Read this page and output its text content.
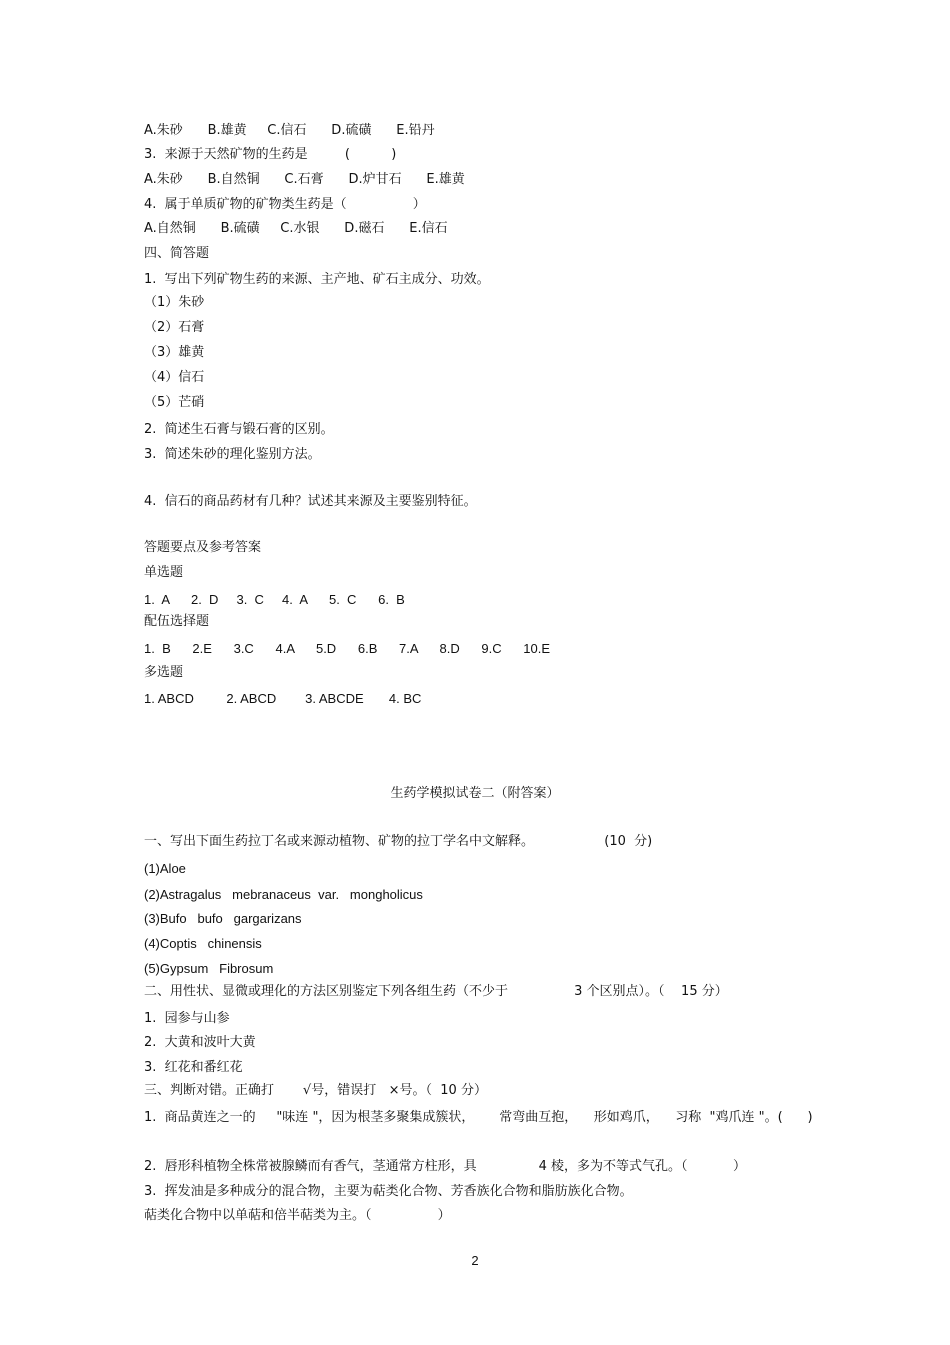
A.朱砂      B.雄黄     C.信石      D.硫磺      E.铅丹
3.  来源于天然矿物的生药是         (          )
A.朱砂      B.自然铜      C.石膏      D.炉甘石      E.雄黄
4.  属于单质矿物的矿物类生药是（                ）
A.自然铜      B.硫磺     C.水银      D.磁石      E.信石
四、简答题
1.  写出下列矿物生药的来源、主产地、矿石主成分、功效。
（1）朱砂
（2）石膏
（3）雄黄
（4）信石
（5）芒硝
2.  简述生石膏与锻石膏的区别。
3.  简述朱砂的理化鉴别方法。
4.  信石的商品药材有几种？试述其来源及主要鉴别特征。
答题要点及参考答案
单选题
1.  A      2.  D     3.  C     4.  A      5.  C      6.  B
配伍选择题
1.  B      2.E      3.C      4.A      5.D      6.B      7.A      8.D      9.C      10.E
多选题
1. ABCD         2. ABCD        3. ABCDE       4. BC
生药学模拟试卷二（附答案）
一、写出下面生药拉丁名或来源动植物、矿物的拉丁学名中文解释。                 (10  分)
(1)Aloe
(2)Astragalus   mebranaceus  var.   mongholicus
(3)Bufo   bufo   gargarizans
(4)Coptis   chinensis
(5)Gypsum   Fibrosum
二、用性状、显微或理化的方法区别鉴定下列各组生药（不少于                3 个区别点）。（    15 分）
1.  园参与山参
2.  大黄和波叶大黄
3.  红花和番红花
三、判断对错。正确打       √号，错误打   ×号。（  10 分）
1.  商品黄连之一的     "味连 "，因为根茎多聚集成簇状，      常弯曲互抱，    形如鸡爪，    习称  "鸡爪连 "。(      )
2.  唇形科植物全株常被腺鳞而有香气，茎通常方柱形，具               4 棱，多为不等式气孔。（           ）
3.  挥发油是多种成分的混合物，主要为萜类化合物、芳香族化合物和脂肪族化合物。
萜类化合物中以单萜和倍半萜类为主。（                ）
2
